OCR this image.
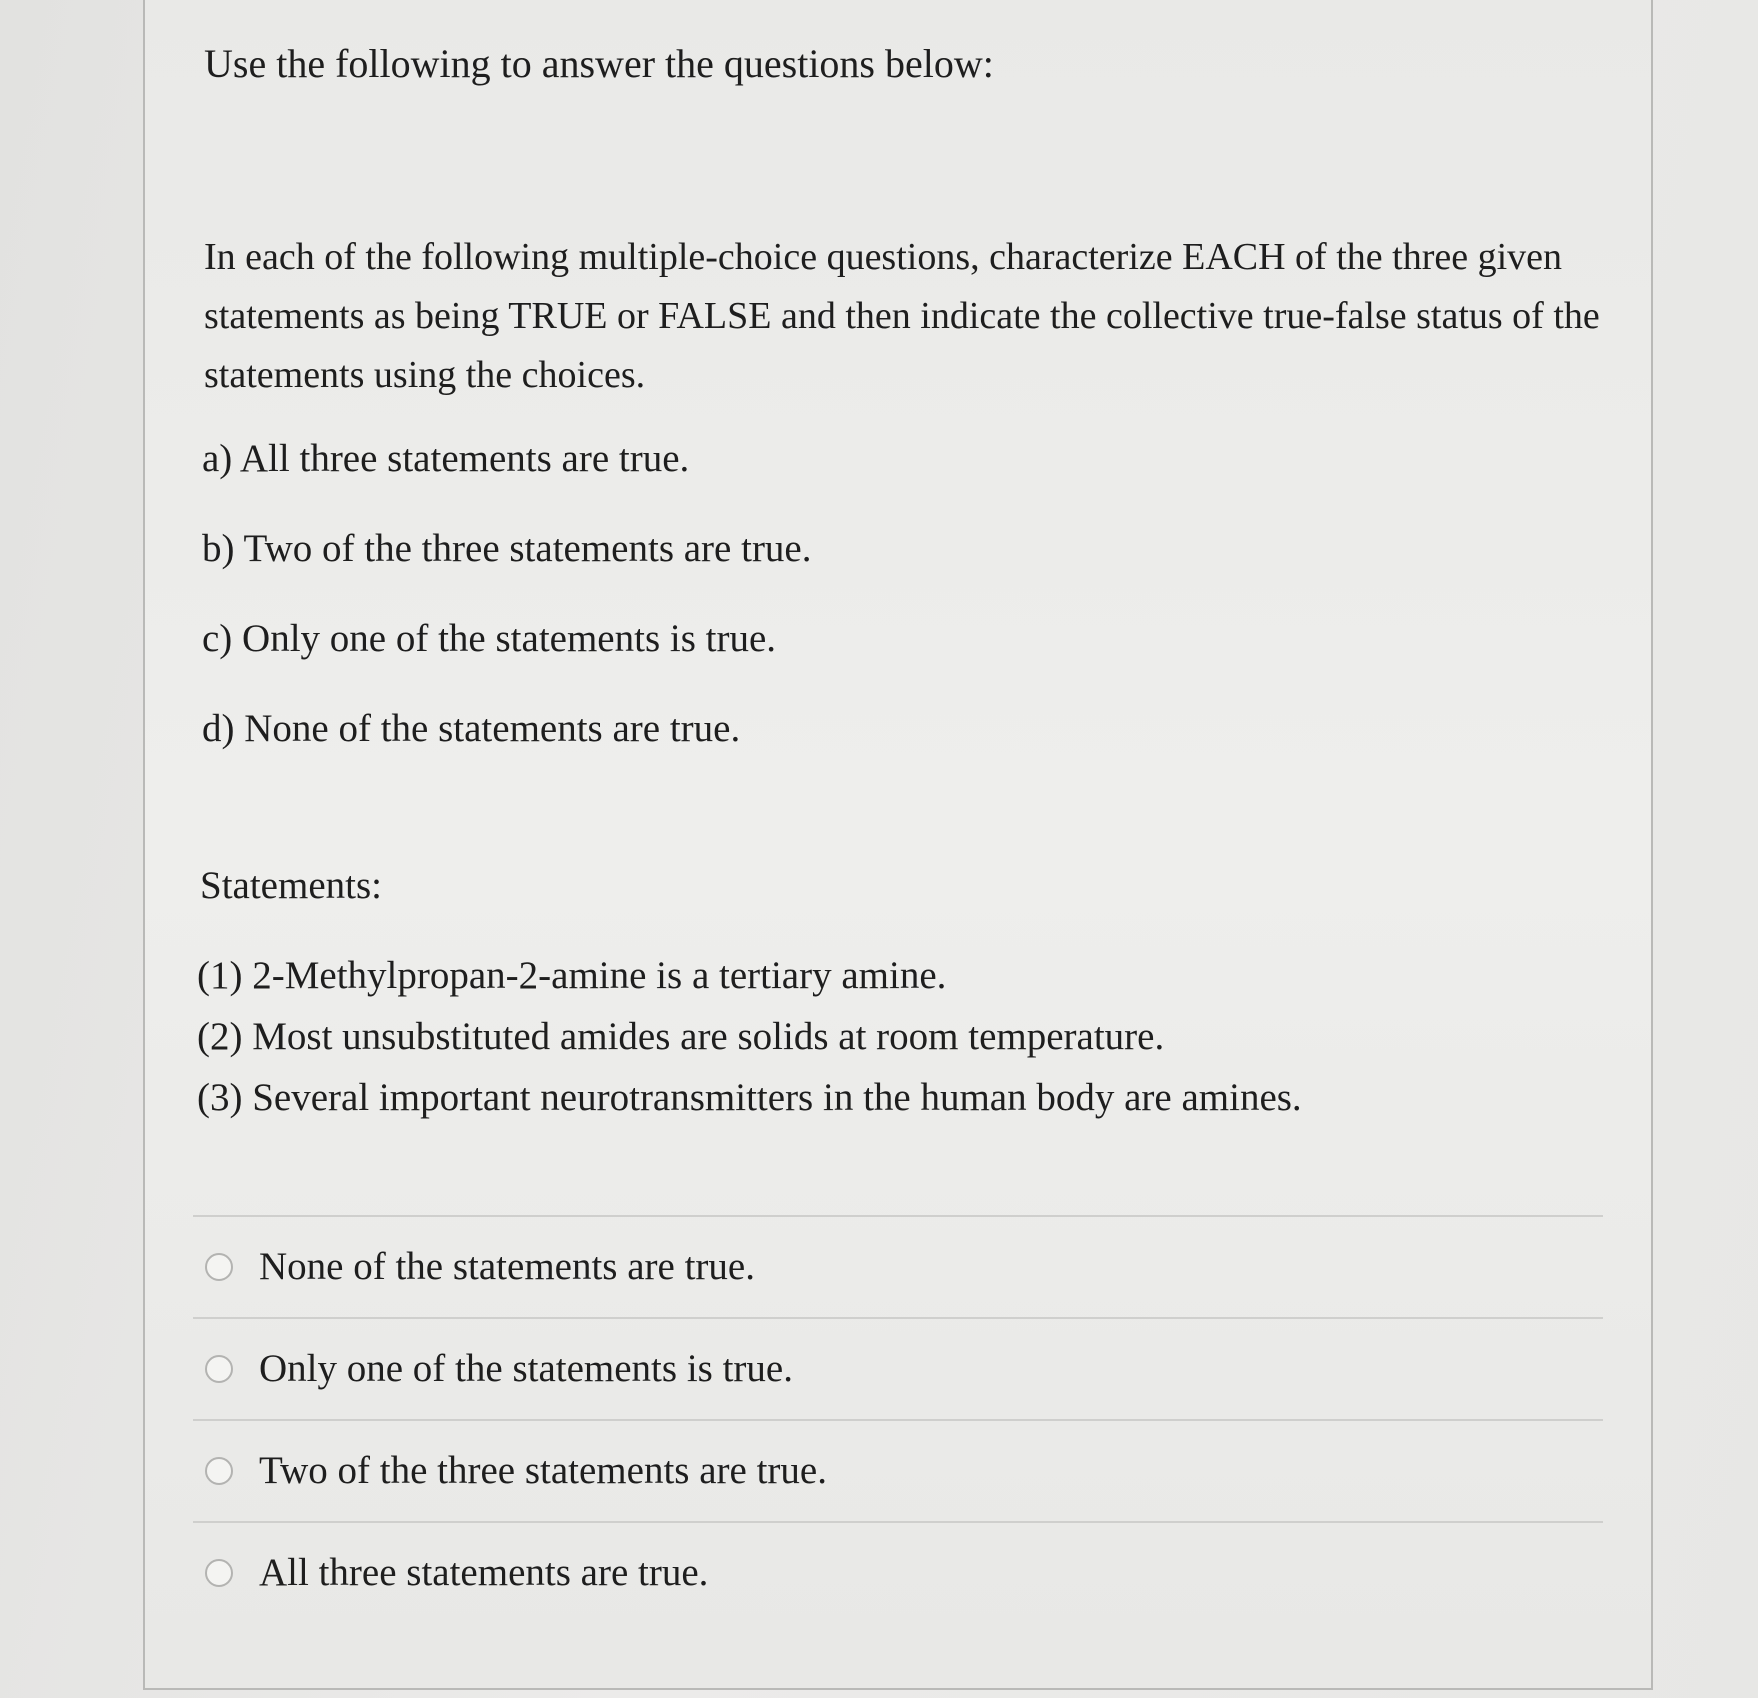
Use the following to answer the questions below:
In each of the following multiple-choice questions, characterize EACH of the three given statements as being TRUE or FALSE and then indicate the collective true-false status of the statements using the choices.
a) All three statements are true.
b) Two of the three statements are true.
c) Only one of the statements is true.
d) None of the statements are true.
Statements:
(1) 2-Methylpropan-2-amine is a tertiary amine.
(2) Most unsubstituted amides are solids at room temperature.
(3) Several important neurotransmitters in the human body are amines.
None of the statements are true.
Only one of the statements is true.
Two of the three statements are true.
All three statements are true.
